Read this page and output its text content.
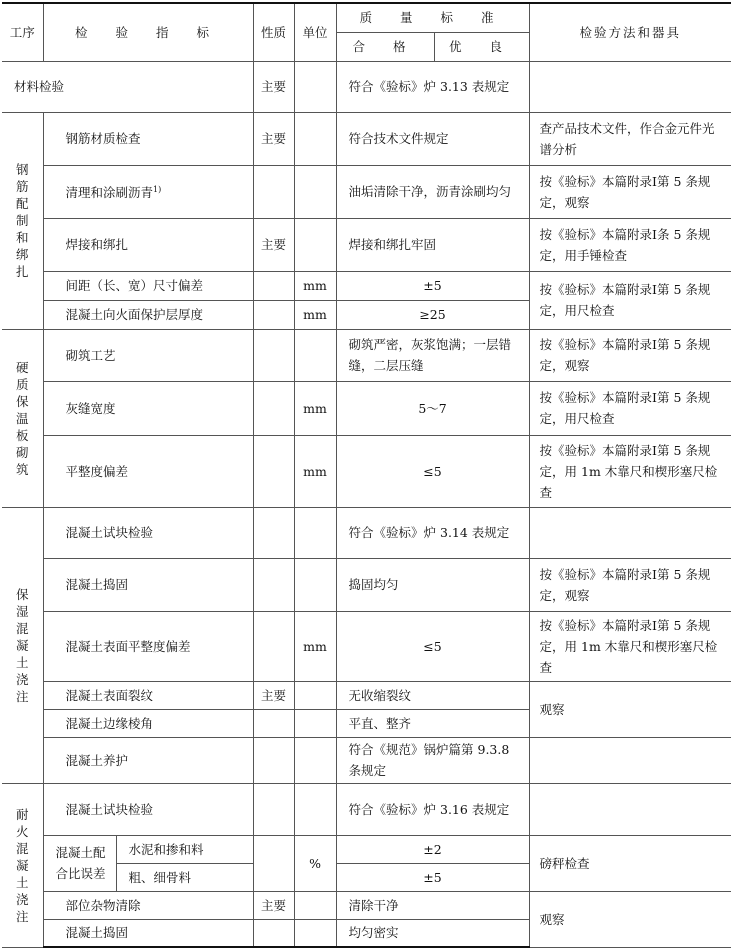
工序	检 验 指 标		性质	单位	质 量 标 准		检验方法和器具
					合 格	优 良	
材料检验			主要		符合《验标》炉 3.13 表规定		

钢筋配制和绑扎	钢筋材质检查		主要		符合技术文件规定		查产品技术文件，作合金元件光谱分析
	清理和涂刷沥青$^{1)}$				油垢清除干净，沥青涂刷均匀		按《验标》本篇附录Ⅰ第 5 条规定，观察
	焊接和绑扎		主要		焊接和绑扎牢固		按《验标》本篇附录Ⅰ条 5 条规定，用手锤检查
	间距（长、宽）尺寸偏差			mm	±5		按《验标》本篇附录Ⅰ第 5 条规定，用尺检查
	混凝土向火面保护层厚度			mm	≥25		

硬质保温板砌筑	砌筑工艺				砌筑严密，灰浆饱满；一层错缝，二层压缝		按《验标》本篇附录Ⅰ第 5 条规定，观察
	灰缝宽度			mm	5～7		按《验标》本篇附录Ⅰ第 5 条规定，用尺检查
	平整度偏差			mm	≤5		按《验标》本篇附录Ⅰ第 5 条规定，用 1m 木靠尺和楔形塞尺检查

保湿混凝土浇注	混凝土试块检验				符合《验标》炉 3.14 表规定		
	混凝土捣固				捣固均匀		按《验标》本篇附录Ⅰ第 5 条规定，观察
	混凝土表面平整度偏差			mm	≤5		按《验标》本篇附录Ⅰ第 5 条规定，用 1m 木靠尺和楔形塞尺检查
	混凝土表面裂纹		主要		无收缩裂纹		观察
	混凝土边缘棱角				平直、整齐		
	混凝土养护				符合《规范》锅炉篇第 9.3.8 条规定		

耐火混凝土浇注	混凝土试块检验				符合《验标》炉 3.16 表规定		
	混凝土配合比误差	水泥和掺和料		%	±2		磅秤检查
		粗、细骨料			±5		
	部位杂物清除		主要		清除干净		观察
	混凝土捣固				均匀密实		
